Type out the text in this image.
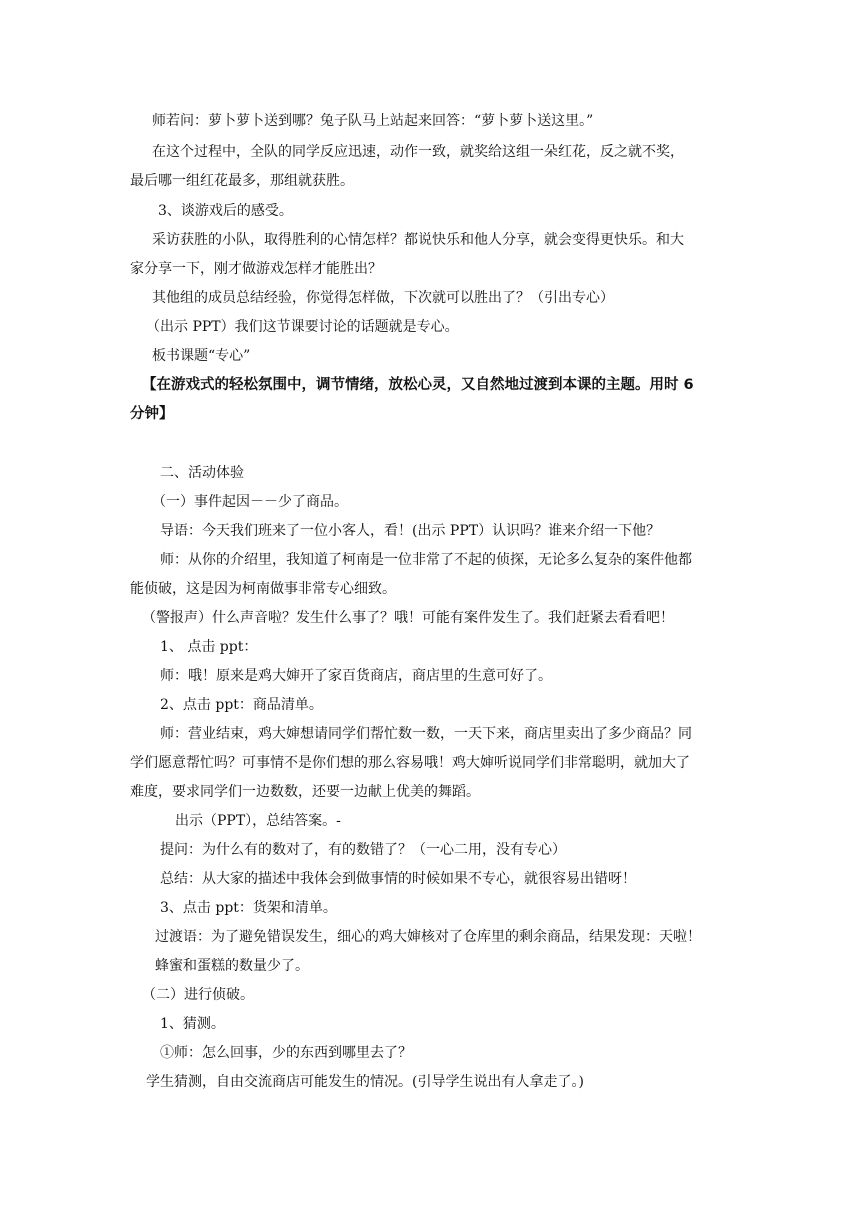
师若问：萝卜萝卜送到哪？兔子队马上站起来回答：“萝卜萝卜送这里。”
在这个过程中，全队的同学反应迅速，动作一致，就奖给这组一朵红花，反之就不奖，
最后哪一组红花最多，那组就获胜。
3、谈游戏后的感受。
采访获胜的小队，取得胜利的心情怎样？都说快乐和他人分享，就会变得更快乐。和大
家分享一下，刚才做游戏怎样才能胜出？
其他组的成员总结经验，你觉得怎样做，下次就可以胜出了？（引出专心）
（出示 PPT）我们这节课要讨论的话题就是专心。
板书课题“专心”
【在游戏式的轻松氛围中，调节情绪，放松心灵，又自然地过渡到本课的主题。用时 6
分钟】
二、活动体验
（一）事件起因－－少了商品。
导语：今天我们班来了一位小客人，看！(出示 PPT）认识吗？谁来介绍一下他？
师：从你的介绍里，我知道了柯南是一位非常了不起的侦探，无论多么复杂的案件他都
能侦破，这是因为柯南做事非常专心细致。
（警报声）什么声音啦？发生什么事了？哦！可能有案件发生了。我们赶紧去看看吧！
1、 点击 ppt：
师：哦！原来是鸡大婶开了家百货商店，商店里的生意可好了。
2、点击 ppt：商品清单。
师：营业结束，鸡大婶想请同学们帮忙数一数，一天下来，商店里卖出了多少商品？同
学们愿意帮忙吗？可事情不是你们想的那么容易哦！鸡大婶听说同学们非常聪明，就加大了
难度，要求同学们一边数数，还要一边献上优美的舞蹈。
出示（PPT），总结答案。-
提问：为什么有的数对了，有的数错了？（一心二用，没有专心）
总结：从大家的描述中我体会到做事情的时候如果不专心，就很容易出错呀！
3、点击 ppt：货架和清单。
过渡语：为了避免错误发生，细心的鸡大婶核对了仓库里的剩余商品，结果发现：天啦！
蜂蜜和蛋糕的数量少了。
（二）进行侦破。
1、猜测。
①师：怎么回事，少的东西到哪里去了？
学生猜测，自由交流商店可能发生的情况。(引导学生说出有人拿走了。)
